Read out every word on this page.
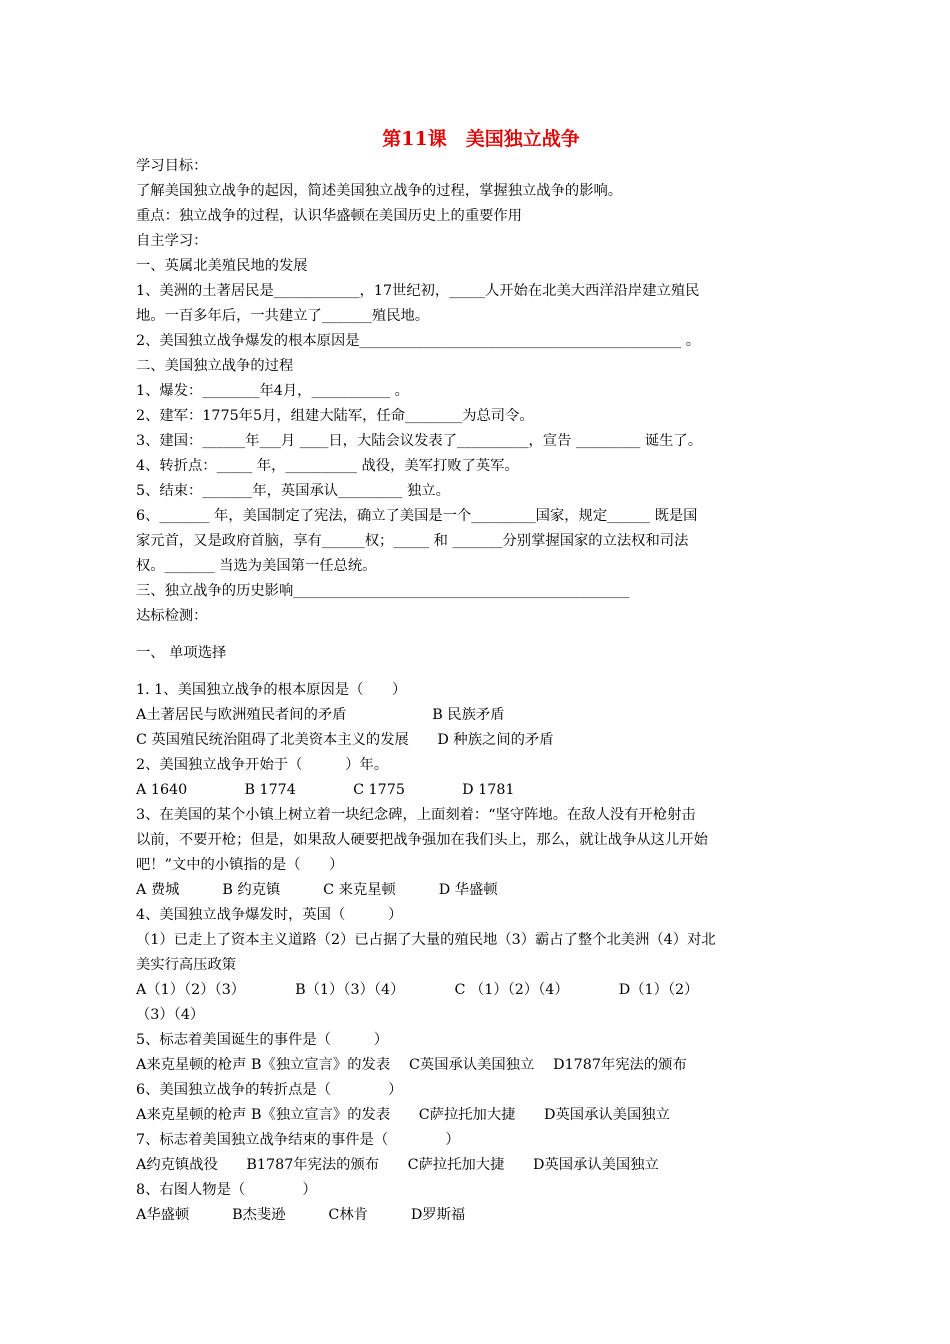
第11课　美国独立战争
学习目标：
了解美国独立战争的起因，简述美国独立战争的过程，掌握独立战争的影响。
重点：独立战争的过程，认识华盛顿在美国历史上的重要作用
自主学习：
一、英属北美殖民地的发展
1、美洲的土著居民是____________，17世纪初，_____人开始在北美大西洋沿岸建立殖民
地。一百多年后，一共建立了_______殖民地。
2、美国独立战争爆发的根本原因是_____________________________________________ 。
二、美国独立战争的过程
1、爆发：________年4月，___________ 。
2、建军：1775年5月，组建大陆军，任命________为总司令。
3、建国：______年___月 ____日，大陆会议发表了__________，宣告 _________ 诞生了。
4、转折点：_____ 年，__________ 战役，美军打败了英军。
5、结束：_______年，英国承认_________ 独立。
6、_______ 年，美国制定了宪法，确立了美国是一个_________国家，规定______ 既是国
家元首，又是政府首脑，享有______权；_____ 和 _______分别掌握国家的立法权和司法
权。_______ 当选为美国第一任总统。
三、独立战争的历史影响_______________________________________________
达标检测：
一、 单项选择
1. 1、美国独立战争的根本原因是（　　）
A土著居民与欧洲殖民者间的矛盾　　　　　　B 民族矛盾
C 英国殖民统治阻碍了北美资本主义的发展　　D 种族之间的矛盾
2、美国独立战争开始于（　　　）年。
A 1640　　　　B 1774　　　　C 1775　　　　D 1781
3、在美国的某个小镇上树立着一块纪念碑，上面刻着：“坚守阵地。在敌人没有开枪射击
以前，不要开枪；但是，如果敌人硬要把战争强加在我们头上，那么，就让战争从这儿开始
吧！”文中的小镇指的是（　　）
A 费城　　　B 约克镇　　　C 来克星顿　　　D 华盛顿
4、美国独立战争爆发时，英国（　　　）
（1）已走上了资本主义道路（2）已占据了大量的殖民地（3）霸占了整个北美洲（4）对北
美实行高压政策
A（1）（2）（3）　　　　B（1）（3）（4）　　　　C （1）（2）（4）　　　　D（1）（2）
（3）（4）
5、标志着美国诞生的事件是（　　　）
A来克星顿的枪声 B《独立宣言》的发表　 C英国承认美国独立　 D1787年宪法的颁布
6、美国独立战争的转折点是（　　　　）
A来克星顿的枪声 B《独立宣言》的发表　　C萨拉托加大捷　　D英国承认美国独立
7、标志着美国独立战争结束的事件是（　　　　）
A约克镇战役　　B1787年宪法的颁布　　C萨拉托加大捷　　D英国承认美国独立
8、右图人物是（　　　　）
A华盛顿　　　B杰斐逊　　　C林肯　　　D罗斯福
